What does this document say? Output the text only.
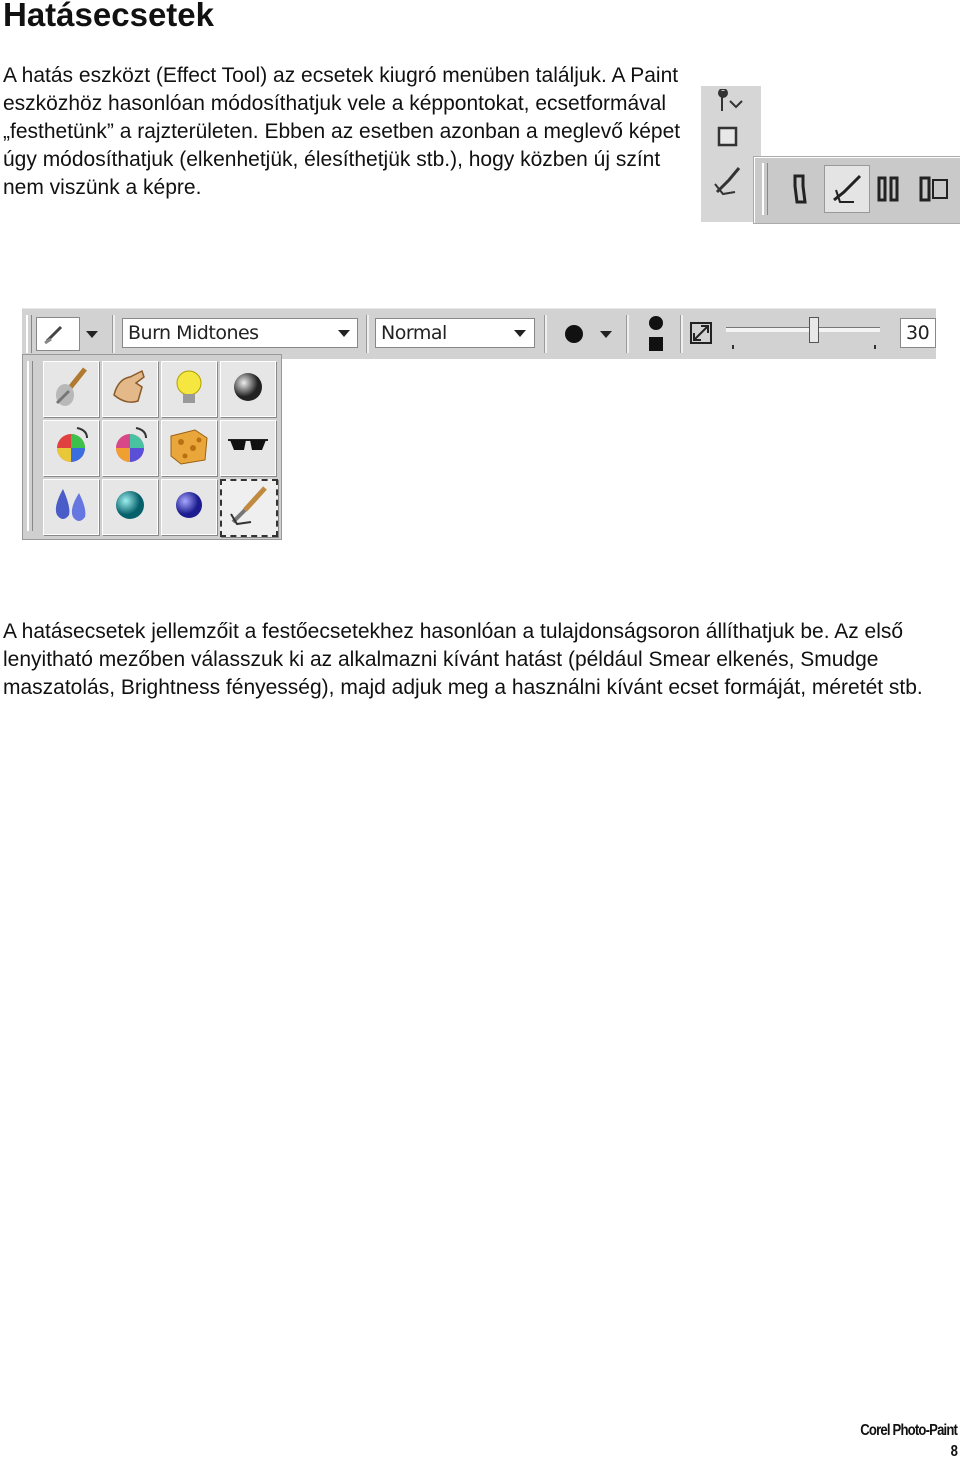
Hatásecsetek

A hatás eszközt (Effect Tool) az ecsetek kiugró menüben találjuk. A Paint eszközhöz hasonlóan módosíthatjuk vele a képpontokat, ecsetformával „festhetünk” a rajzterületen. Ebben az esetben azonban a meglevő képet úgy módosíthatjuk (elkenhetjük, élesíthetjük stb.), hogy közben új színt nem viszünk a képre.

Burn Midtones	Normal	30

A hatásecsetek jellemzőit a festőecsetekhez hasonlóan a tulajdonságsoron állíthatjuk be. Az első lenyitható mezőben válasszuk ki az alkalmazni kívánt hatást (például Smear elkenés, Smudge maszatolás, Brightness fényesség), majd adjuk meg a használni kívánt ecset formáját, méretét stb.

Corel Photo-Paint
8
